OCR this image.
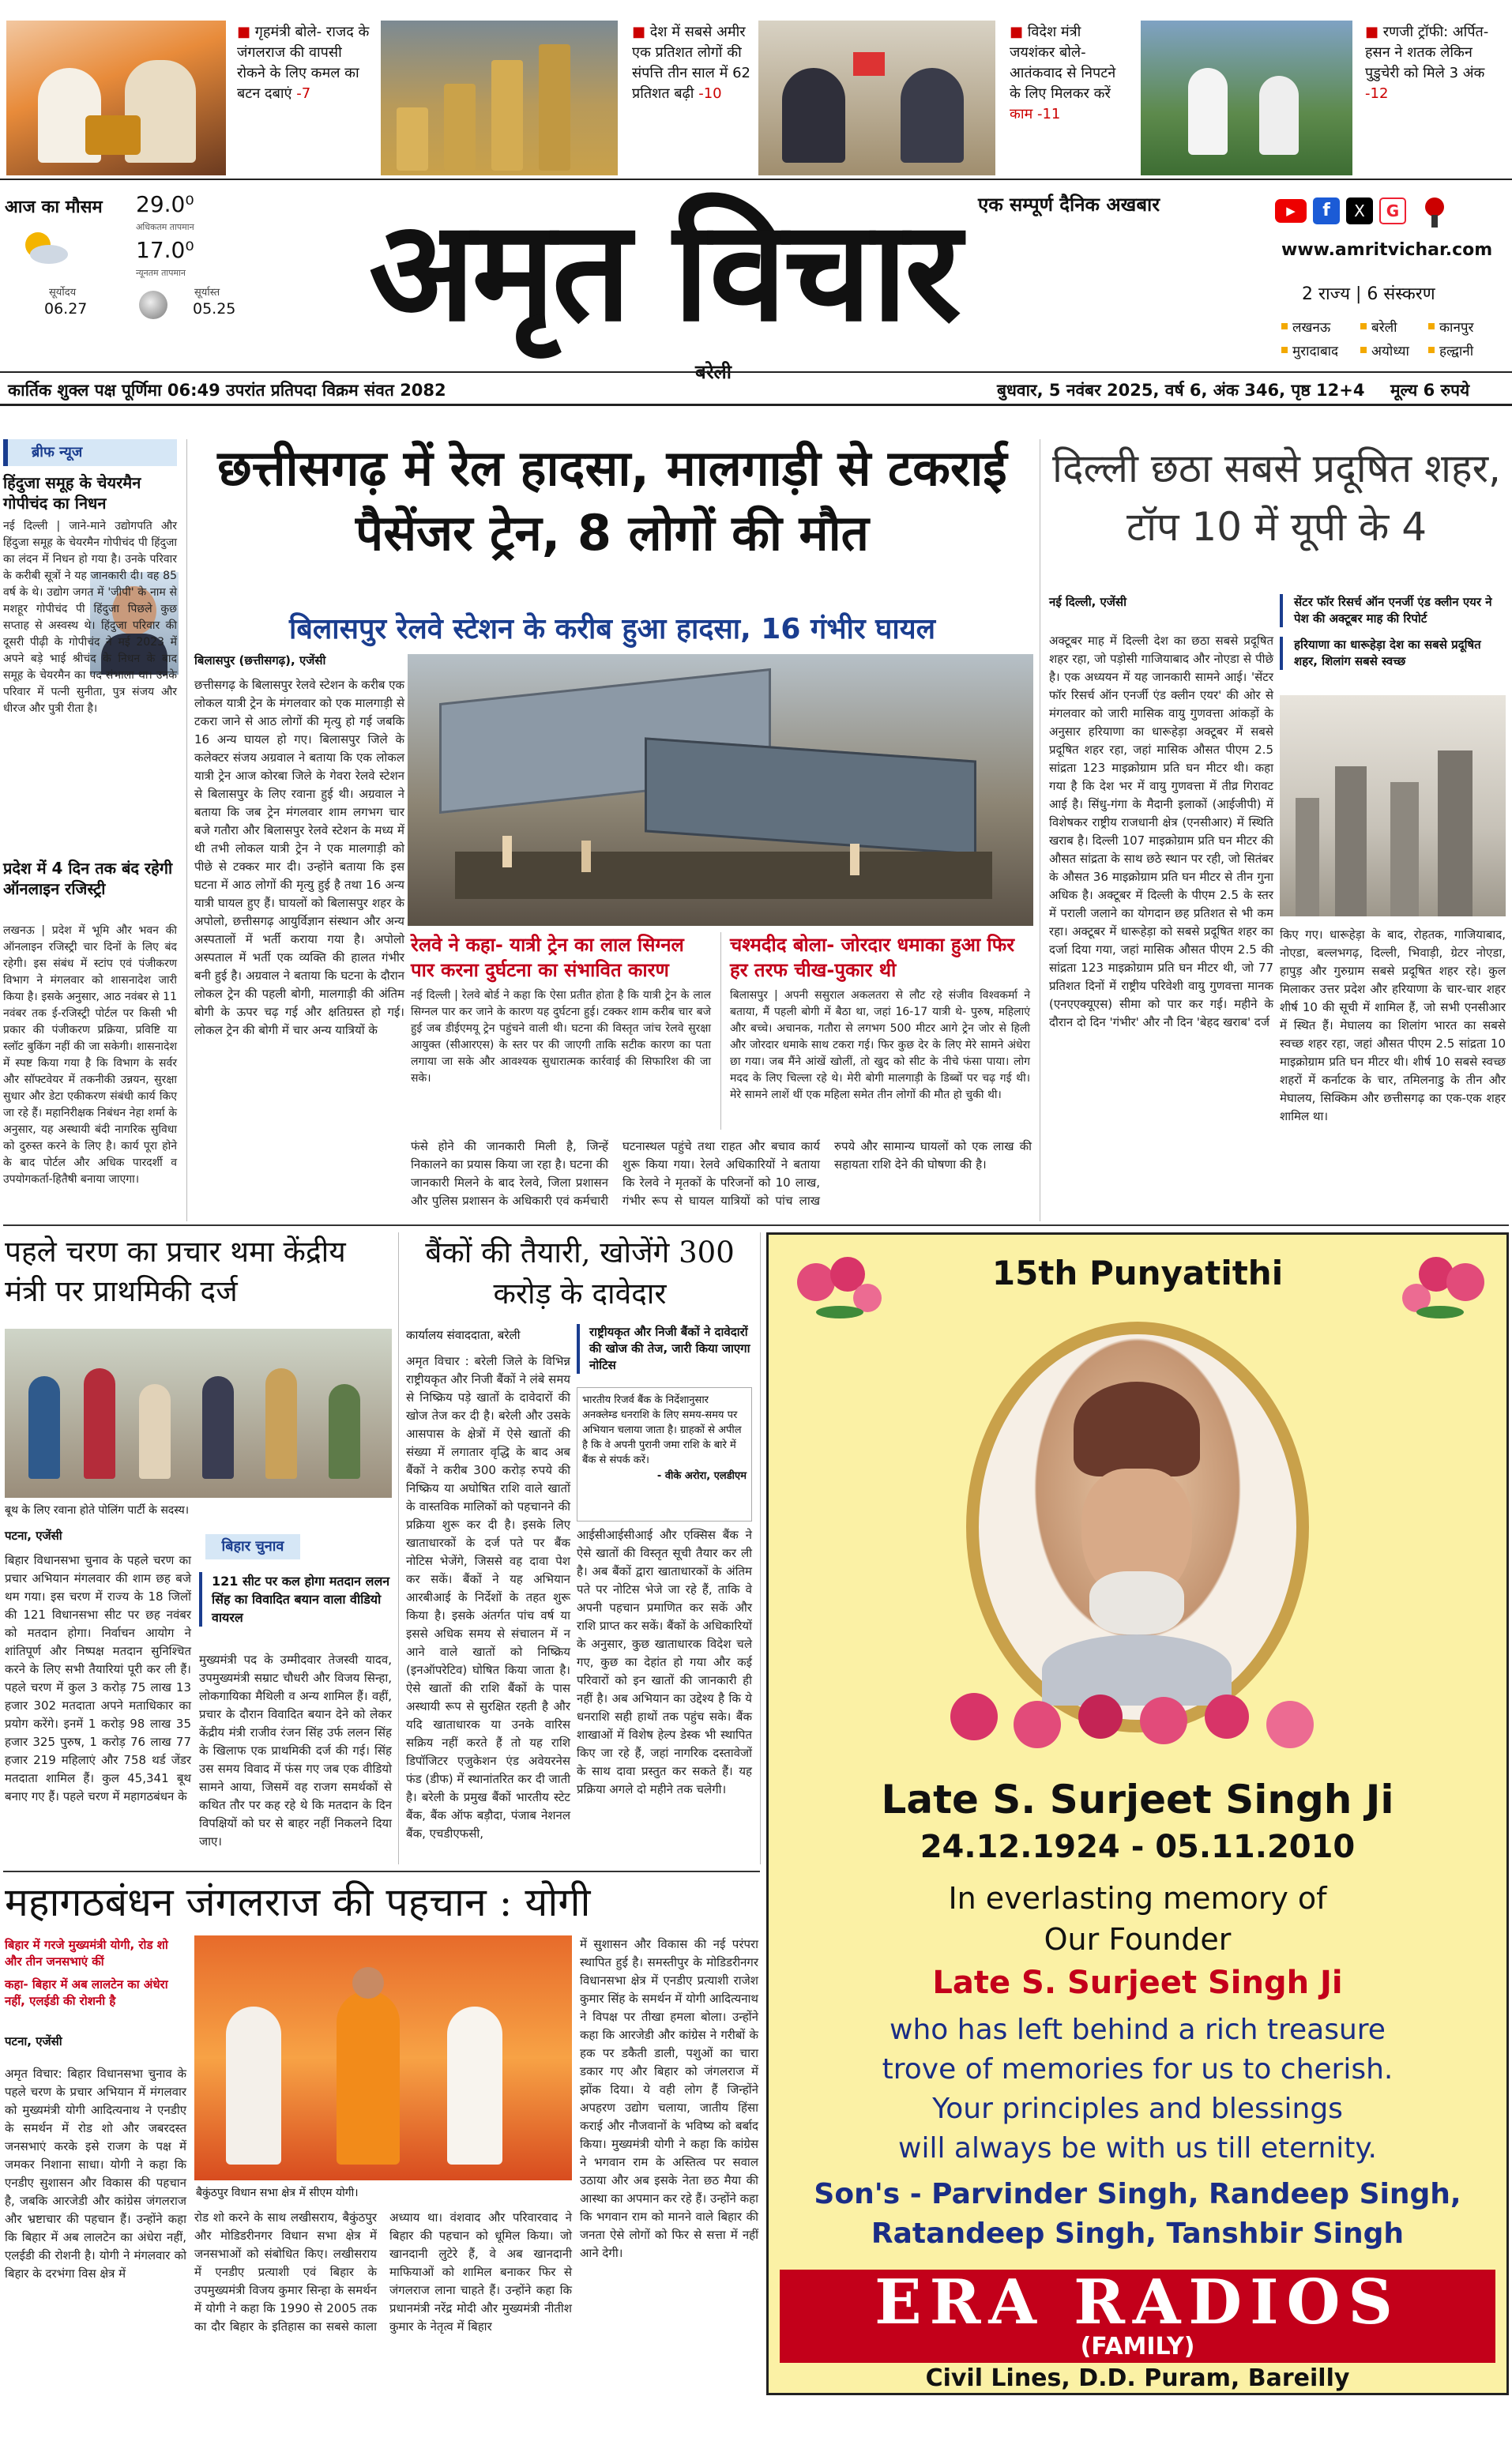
■ गृहमंत्री बोले- राजद के जंगलराज की वापसी रोकने के लिए कमल का बटन दबाएं -7
■ देश में सबसे अमीर एक प्रतिशत लोगों की संपत्ति तीन साल में 62 प्रतिशत बढ़ी -10
■ विदेश मंत्री जयशंकर बोले- आतंकवाद से निपटने के लिए मिलकर करें काम -11
■ रणजी ट्रॉफी: अर्पित-हसन ने शतक लेकिन पुडुचेरी को मिले 3 अंक -12
आज का मौसम 29.0⁰
अधिकतम तापमान
17.0⁰
न्यूनतम तापमान
सूर्योदय
06.27
सूर्यास्त
05.25
एक सम्पूर्ण दैनिक अखबार
अमृत विचार
बरेली
▶	f	X	G
www.amritvichar.com
2 राज्य | 6 संस्करण
लखनऊ	बरेली	कानपुर
मुरादाबाद अयोध्या हल्द्वानी
कार्तिक शुक्ल पक्ष पूर्णिमा 06:49 उपरांत प्रतिपदा विक्रम संवत 2082	बुधवार, 5 नवंबर 2025, वर्ष 6, अंक 346, पृष्ठ 12+4 मूल्य 6 रुपये
ब्रीफ न्यूज
हिंदुजा समूह के चेयरमैन गोपीचंद का निधन
नई दिल्ली | जाने-माने उद्योगपति और हिंदुजा समूह के चेयरमैन गोपीचंद पी हिंदुजा का लंदन में निधन हो गया है। उनके परिवार के करीबी सूत्रों ने यह जानकारी दी। वह 85 वर्ष के थे। उद्योग जगत में 'जीपी' के नाम से मशहूर गोपीचंद पी हिंदुजा पिछले कुछ सप्ताह से अस्वस्थ थे। हिंदुजा परिवार की दूसरी पीढ़ी के गोपीचंद ने मई 2023 में अपने बड़े भाई श्रीचंद के निधन के बाद समूह के चेयरमैन का पद संभाला था। उनके परिवार में पत्नी सुनीता, पुत्र संजय और धीरज और पुत्री रीता है।
प्रदेश में 4 दिन तक बंद रहेगी ऑनलाइन रजिस्ट्री
लखनऊ | प्रदेश में भूमि और भवन की ऑनलाइन रजिस्ट्री चार दिनों के लिए बंद रहेगी। इस संबंध में स्टांप एवं पंजीकरण विभाग ने मंगलवार को शासनादेश जारी किया है। इसके अनुसार, आठ नवंबर से 11 नवंबर तक ई-रजिस्ट्री पोर्टल पर किसी भी प्रकार की पंजीकरण प्रक्रिया, प्रविष्टि या स्लॉट बुकिंग नहीं की जा सकेगी। शासनादेश में स्पष्ट किया गया है कि विभाग के सर्वर और सॉफ्टवेयर में तकनीकी उन्नयन, सुरक्षा सुधार और डेटा एकीकरण संबंधी कार्य किए जा रहे हैं। महानिरीक्षक निबंधन नेहा शर्मा के अनुसार, यह अस्थायी बंदी नागरिक सुविधा को दुरुस्त करने के लिए है। कार्य पूरा होने के बाद पोर्टल और अधिक पारदर्शी व उपयोगकर्ता-हितैषी बनाया जाएगा।
छत्तीसगढ़ में रेल हादसा, मालगाड़ी से टकराई पैसेंजर ट्रेन, 8 लोगों की मौत
बिलासपुर रेलवे स्टेशन के करीब हुआ हादसा, 16 गंभीर घायल
बिलासपुर (छत्तीसगढ़), एजेंसी
छत्तीसगढ़ के बिलासपुर रेलवे स्टेशन के करीब एक लोकल यात्री ट्रेन के मंगलवार को एक मालगाड़ी से टकरा जाने से आठ लोगों की मृत्यु हो गई जबकि 16 अन्य घायल हो गए। बिलासपुर जिले के कलेक्टर संजय अग्रवाल ने बताया कि एक लोकल यात्री ट्रेन आज कोरबा जिले के गेवरा रेलवे स्टेशन से बिलासपुर के लिए रवाना हुई थी। अग्रवाल ने बताया कि जब ट्रेन मंगलवार शाम लगभग चार बजे गतौरा और बिलासपुर रेलवे स्टेशन के मध्य में थी तभी लोकल यात्री ट्रेन ने एक मालगाड़ी को पीछे से टक्कर मार दी। उन्होंने बताया कि इस घटना में आठ लोगों की मृत्यु हुई है तथा 16 अन्य यात्री घायल हुए हैं। घायलों को बिलासपुर शहर के अपोलो, छत्तीसगढ़ आयुर्विज्ञान संस्थान और अन्य अस्पतालों में भर्ती कराया गया है। अपोलो अस्पताल में भर्ती एक व्यक्ति की हालत गंभीर बनी हुई है। अग्रवाल ने बताया कि घटना के दौरान लोकल ट्रेन की पहली बोगी, मालगाड़ी की अंतिम बोगी के ऊपर चढ़ गई और क्षतिग्रस्त हो गई। लोकल ट्रेन की बोगी में चार अन्य यात्रियों के
रेलवे ने कहा- यात्री ट्रेन का लाल सिग्नल पार करना दुर्घटना का संभावित कारण
नई दिल्ली | रेलवे बोर्ड ने कहा कि ऐसा प्रतीत होता है कि यात्री ट्रेन के लाल सिग्नल पार कर जाने के कारण यह दुर्घटना हुई। टक्कर शाम करीब चार बजे हुई जब डीईएमयू ट्रेन पहुंचने वाली थी। घटना की विस्तृत जांच रेलवे सुरक्षा आयुक्त (सीआरएस) के स्तर पर की जाएगी ताकि सटीक कारण का पता लगाया जा सके और आवश्यक सुधारात्मक कार्रवाई की सिफारिश की जा सके।
चश्मदीद बोला- जोरदार धमाका हुआ फिर हर तरफ चीख-पुकार थी
बिलासपुर | अपनी ससुराल अकलतरा से लौट रहे संजीव विश्वकर्मा ने बताया, मैं पहली बोगी में बैठा था, जहां 16-17 यात्री थे- पुरुष, महिलाएं और बच्चे। अचानक, गतौरा से लगभग 500 मीटर आगे ट्रेन जोर से हिली और जोरदार धमाके साथ टकरा गई। फिर कुछ देर के लिए मेरे सामने अंधेरा छा गया। जब मैंने आंखें खोलीं, तो खुद को सीट के नीचे फंसा पाया। लोग मदद के लिए चिल्ला रहे थे। मेरी बोगी मालगाड़ी के डिब्बों पर चढ़ गई थी। मेरे सामने लाशें थीं एक महिला समेत तीन लोगों की मौत हो चुकी थी।
फंसे होने की जानकारी मिली है, जिन्हें निकालने का प्रयास किया जा रहा है। घटना की जानकारी मिलने के बाद रेलवे, जिला प्रशासन और पुलिस प्रशासन के अधिकारी एवं कर्मचारी घटनास्थल पहुंचे तथा राहत और बचाव कार्य शुरू किया गया। रेलवे अधिकारियों ने बताया कि रेलवे ने मृतकों के परिजनों को 10 लाख, गंभीर रूप से घायल यात्रियों को पांच लाख रुपये और सामान्य घायलों को एक लाख की सहायता राशि देने की घोषणा की है।
दिल्ली छठा सबसे प्रदूषित शहर, टॉप 10 में यूपी के 4
नई दिल्ली, एजेंसी	सेंटर फॉर रिसर्च ऑन एनर्जी एंड क्लीन एयर ने पेश की अक्टूबर माह की रिपोर्ट
हरियाणा का धारूहेड़ा देश का सबसे प्रदूषित शहर, शिलांग सबसे स्वच्छ
अक्टूबर माह में दिल्ली देश का छठा सबसे प्रदूषित शहर रहा, जो पड़ोसी गाजियाबाद और नोएडा से पीछे है। एक अध्ययन में यह जानकारी सामने आई। 'सेंटर फॉर रिसर्च ऑन एनर्जी एंड क्लीन एयर' की ओर से मंगलवार को जारी मासिक वायु गुणवत्ता आंकड़ों के अनुसार हरियाणा का धारूहेड़ा अक्टूबर में सबसे प्रदूषित शहर रहा, जहां मासिक औसत पीएम 2.5 सांद्रता 123 माइक्रोग्राम प्रति घन मीटर थी। कहा गया है कि देश भर में वायु गुणवत्ता में तीव्र गिरावट आई है। सिंधु-गंगा के मैदानी इलाकों (आईजीपी) में विशेषकर राष्ट्रीय राजधानी क्षेत्र (एनसीआर) में स्थिति खराब है। दिल्ली 107 माइक्रोग्राम प्रति घन मीटर की औसत सांद्रता के साथ छठे स्थान पर रही, जो सितंबर के औसत 36 माइक्रोग्राम प्रति घन मीटर से तीन गुना अधिक है। अक्टूबर में दिल्ली के पीएम 2.5 के स्तर में पराली जलाने का योगदान छह प्रतिशत से भी कम रहा। अक्टूबर में धारूहेड़ा को सबसे प्रदूषित शहर का दर्जा दिया गया, जहां मासिक औसत पीएम 2.5 की सांद्रता 123 माइक्रोग्राम प्रति घन मीटर थी, जो 77 प्रतिशत दिनों में राष्ट्रीय परिवेशी वायु गुणवत्ता मानक (एनएएक्यूएस) सीमा को पार कर गई। महीने के दौरान दो दिन 'गंभीर' और नौ दिन 'बेहद खराब' दर्ज
किए गए। धारूहेड़ा के बाद, रोहतक, गाजियाबाद, नोएडा, बल्लभगढ़, दिल्ली, भिवाड़ी, ग्रेटर नोएडा, हापुड़ और गुरुग्राम सबसे प्रदूषित शहर रहे। कुल मिलाकर उत्तर प्रदेश और हरियाणा के चार-चार शहर शीर्ष 10 की सूची में शामिल हैं, जो सभी एनसीआर में स्थित हैं। मेघालय का शिलांग भारत का सबसे स्वच्छ शहर रहा, जहां औसत पीएम 2.5 सांद्रता 10 माइक्रोग्राम प्रति घन मीटर थी। शीर्ष 10 सबसे स्वच्छ शहरों में कर्नाटक के चार, तमिलनाडु के तीन और मेघालय, सिक्किम और छत्तीसगढ़ का एक-एक शहर शामिल था।
पहले चरण का प्रचार थमा केंद्रीय मंत्री पर प्राथमिकी दर्ज
बूथ के लिए रवाना होते पोलिंग पार्टी के सदस्य।
पटना, एजेंसी
बिहार चुनाव
121 सीट पर कल होगा मतदान ललन सिंह का विवादित बयान वाला वीडियो वायरल
बिहार विधानसभा चुनाव के पहले चरण का प्रचार अभियान मंगलवार की शाम छह बजे थम गया। इस चरण में राज्य के 18 जिलों की 121 विधानसभा सीट पर छह नवंबर को मतदान होगा। निर्वाचन आयोग ने शांतिपूर्ण और निष्पक्ष मतदान सुनिश्चित करने के लिए सभी तैयारियां पूरी कर ली हैं। पहले चरण में कुल 3 करोड़ 75 लाख 13 हजार 302 मतदाता अपने मताधिकार का प्रयोग करेंगे। इनमें 1 करोड़ 98 लाख 35 हजार 325 पुरुष, 1 करोड़ 76 लाख 77 हजार 219 महिलाएं और 758 थर्ड जेंडर मतदाता शामिल हैं। कुल 45,341 बूथ बनाए गए हैं। पहले चरण में महागठबंधन के
मुख्यमंत्री पद के उम्मीदवार तेजस्वी यादव, उपमुख्यमंत्री सम्राट चौधरी और विजय सिन्हा, लोकगायिका मैथिली व अन्य शामिल हैं। वहीं, प्रचार के दौरान विवादित बयान देने को लेकर केंद्रीय मंत्री राजीव रंजन सिंह उर्फ ललन सिंह के खिलाफ एक प्राथमिकी दर्ज की गई। सिंह उस समय विवाद में फंस गए जब एक वीडियो सामने आया, जिसमें वह राजग समर्थकों से कथित तौर पर कह रहे थे कि मतदान के दिन विपक्षियों को घर से बाहर नहीं निकलने दिया जाए।
बैंकों की तैयारी, खोजेंगे 300 करोड़ के दावेदार
कार्यालय संवाददाता, बरेली	राष्ट्रीयकृत और निजी बैंकों ने दावेदारों की खोज की तेज, जारी किया जाएगा नोटिस
भारतीय रिजर्व बैंक के निर्देशानुसार अनक्लेम्ड धनराशि के लिए समय-समय पर अभियान चलाया जाता है। ग्राहकों से अपील है कि वे अपनी पुरानी जमा राशि के बारे में बैंक से संपर्क करें।
- वीके अरोरा, एलडीएम
अमृत विचार : बरेली जिले के विभिन्न राष्ट्रीयकृत और निजी बैंकों ने लंबे समय से निष्क्रिय पड़े खातों के दावेदारों की खोज तेज कर दी है। बरेली और उसके आसपास के क्षेत्रों में ऐसे खातों की संख्या में लगातार वृद्धि के बाद अब बैंकों ने करीब 300 करोड़ रुपये की निष्क्रिय या अघोषित राशि वाले खातों के वास्तविक मालिकों को पहचानने की प्रक्रिया शुरू कर दी है। इसके लिए खाताधारकों के दर्ज पते पर बैंक नोटिस भेजेंगे, जिससे वह दावा पेश कर सकें। बैंकों ने यह अभियान आरबीआई के निर्देशों के तहत शुरू किया है। इसके अंतर्गत पांच वर्ष या इससे अधिक समय से संचालन में न आने वाले खातों को निष्क्रिय (इनऑपरेटिव) घोषित किया जाता है। ऐसे खातों की राशि बैंकों के पास अस्थायी रूप से सुरक्षित रहती है और यदि खाताधारक या उनके वारिस सक्रिय नहीं करते हैं तो यह राशि डिपॉजिटर एजुकेशन एंड अवेयरनेस फंड (डीफ) में स्थानांतरित कर दी जाती है। बरेली के प्रमुख बैंकों भारतीय स्टेट बैंक, बैंक ऑफ बड़ौदा, पंजाब नेशनल बैंक, एचडीएफसी,
आईसीआईसीआई और एक्सिस बैंक ने ऐसे खातों की विस्तृत सूची तैयार कर ली है। अब बैंकों द्वारा खाताधारकों के अंतिम पते पर नोटिस भेजे जा रहे हैं, ताकि वे अपनी पहचान प्रमाणित कर सकें और राशि प्राप्त कर सकें। बैंकों के अधिकारियों के अनुसार, कुछ खाताधारक विदेश चले गए, कुछ का देहांत हो गया और कई परिवारों को इन खातों की जानकारी ही नहीं है। अब अभियान का उद्देश्य है कि ये धनराशि सही हाथों तक पहुंच सके। बैंक शाखाओं में विशेष हेल्प डेस्क भी स्थापित किए जा रहे हैं, जहां नागरिक दस्तावेजों के साथ दावा प्रस्तुत कर सकते हैं। यह प्रक्रिया अगले दो महीने तक चलेगी।
15th Punyatithi
Late S. Surjeet Singh Ji
24.12.1924 - 05.11.2010
In everlasting memory of
Our Founder
Late S. Surjeet Singh Ji
who has left behind a rich treasure
trove of memories for us to cherish.
Your principles and blessings
will always be with us till eternity.
Son's - Parvinder Singh, Randeep Singh,
Ratandeep Singh, Tanshbir Singh
ERA RADIOS
(FAMILY)
Civil Lines, D.D. Puram, Bareilly
महागठबंधन जंगलराज की पहचान : योगी
बिहार में गरजे मुख्यमंत्री योगी, रोड शो और तीन जनसभाएं कीं
कहा- बिहार में अब लालटेन का अंधेरा नहीं, एलईडी की रोशनी है
पटना, एजेंसी
अमृत विचार: बिहार विधानसभा चुनाव के पहले चरण के प्रचार अभियान में मंगलवार को मुख्यमंत्री योगी आदित्यनाथ ने एनडीए के समर्थन में रोड शो और जबरदस्त जनसभाएं करके इसे राजग के पक्ष में जमकर निशाना साधा। योगी ने कहा कि एनडीए सुशासन और विकास की पहचान है, जबकि आरजेडी और कांग्रेस जंगलराज और भ्रष्टाचार की पहचान हैं। उन्होंने कहा कि बिहार में अब लालटेन का अंधेरा नहीं, एलईडी की रोशनी है। योगी ने मंगलवार को बिहार के दरभंगा विस क्षेत्र में
बैकुंठपुर विधान सभा क्षेत्र में सीएम योगी।
रोड शो करने के साथ लखीसराय, बैकुंठपुर और मोडिडरीनगर विधान सभा क्षेत्र में जनसभाओं को संबोधित किए। लखीसराय में एनडीए प्रत्याशी एवं बिहार के उपमुख्यमंत्री विजय कुमार सिन्हा के समर्थन में योगी ने कहा कि 1990 से 2005 तक का दौर बिहार के इतिहास का सबसे काला अध्याय था। वंशवाद और परिवारवाद ने बिहार की पहचान को धूमिल किया। जो खानदानी लुटेरे हैं, वे अब खानदानी माफियाओं को शामिल बनाकर फिर से जंगलराज लाना चाहते हैं। उन्होंने कहा कि प्रधानमंत्री नरेंद्र मोदी और मुख्यमंत्री नीतीश कुमार के नेतृत्व में बिहार
में सुशासन और विकास की नई परंपरा स्थापित हुई है। समस्तीपुर के मोडिडरीनगर विधानसभा क्षेत्र में एनडीए प्रत्याशी राजेश कुमार सिंह के समर्थन में योगी आदित्यनाथ ने विपक्ष पर तीखा हमला बोला। उन्होंने कहा कि आरजेडी और कांग्रेस ने गरीबों के हक पर डकैती डाली, पशुओं का चारा डकार गए और बिहार को जंगलराज में झोंक दिया। ये वही लोग हैं जिन्होंने अपहरण उद्योग चलाया, जातीय हिंसा कराई और नौजवानों के भविष्य को बर्बाद किया। मुख्यमंत्री योगी ने कहा कि कांग्रेस ने भगवान राम के अस्तित्व पर सवाल उठाया और अब इसके नेता छठ मैया की आस्था का अपमान कर रहे हैं। उन्होंने कहा कि भगवान राम को मानने वाले बिहार की जनता ऐसे लोगों को फिर से सत्ता में नहीं आने देगी।
